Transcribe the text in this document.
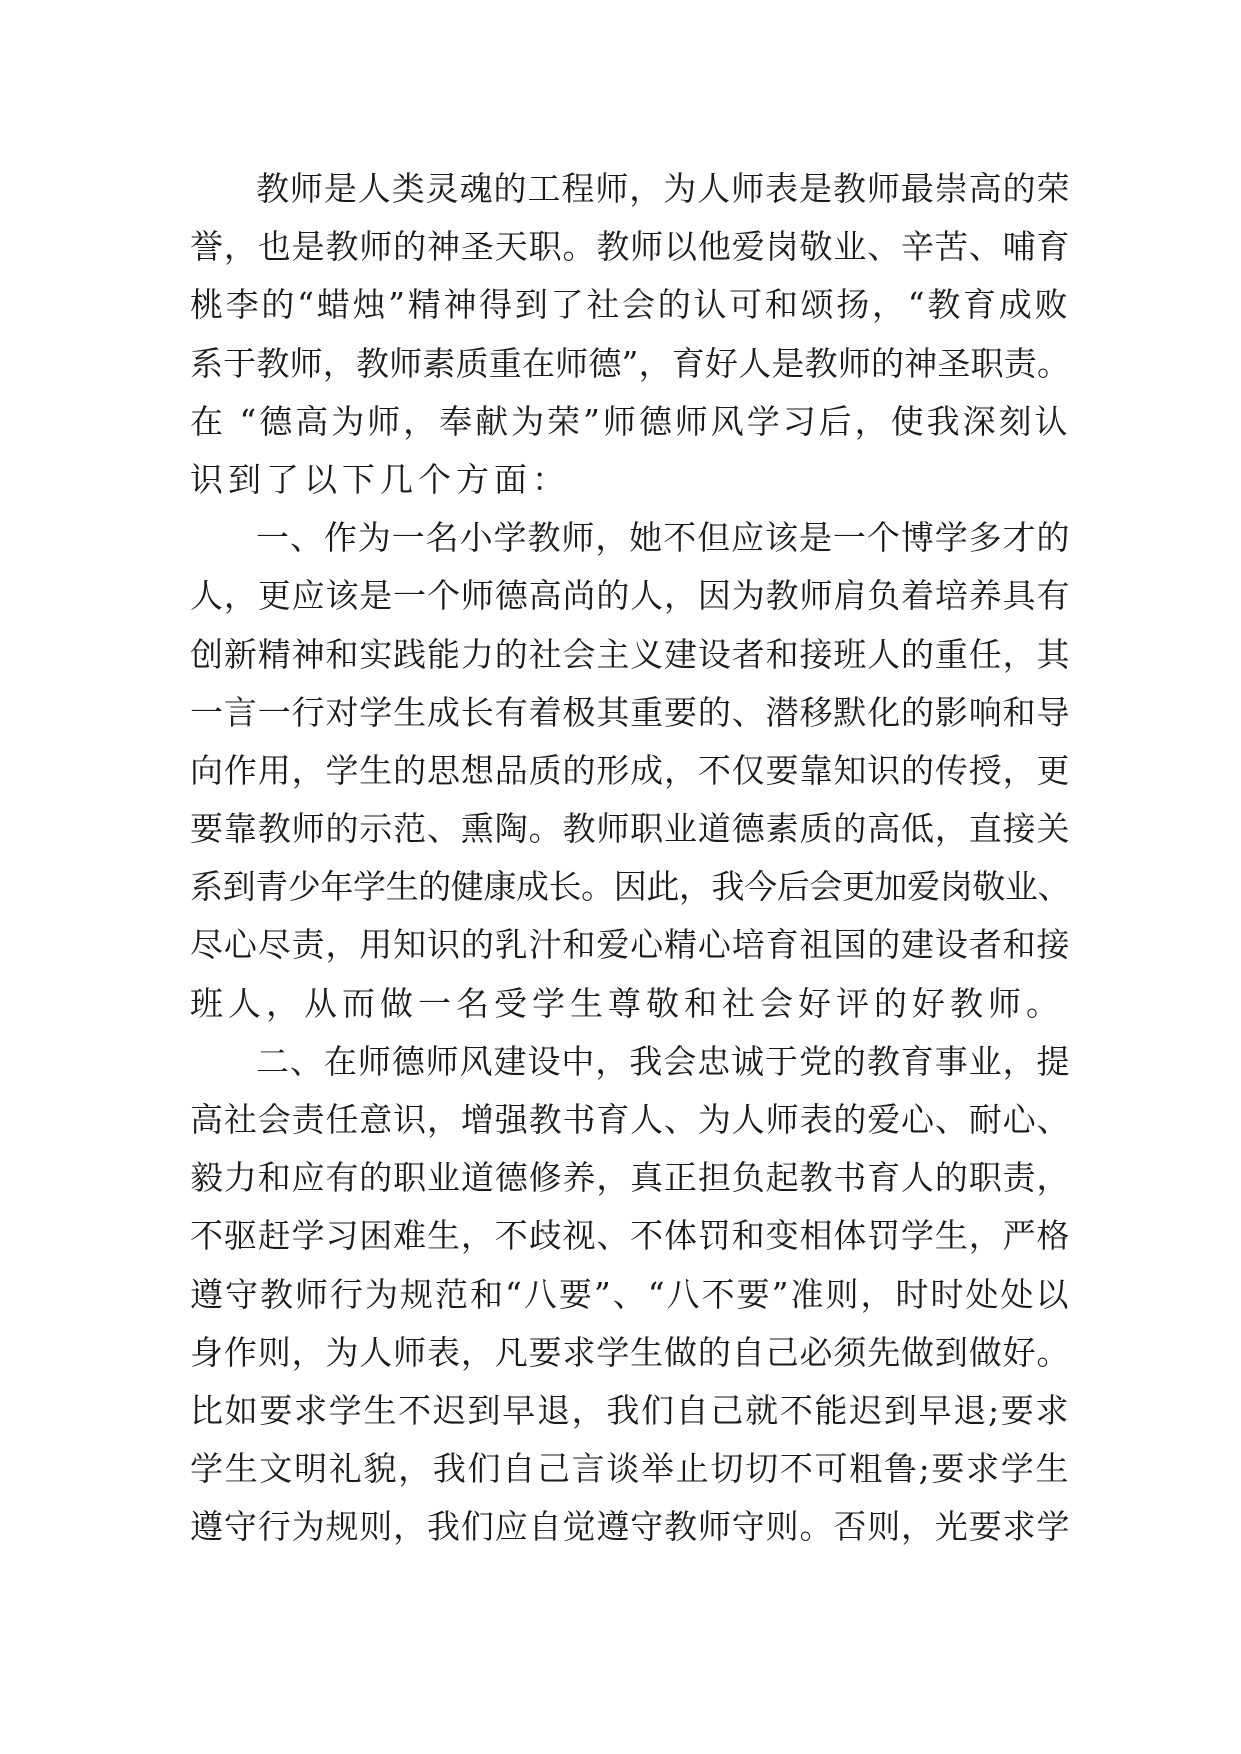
教师是人类灵魂的工程师，为人师表是教师最崇高的荣
誉，也是教师的神圣天职。教师以他爱岗敬业、辛苦、哺育
桃李的“蜡烛”精神得到了社会的认可和颂扬，“教育成败
系于教师，教师素质重在师德”，育好人是教师的神圣职责。
在 “德高为师，奉献为荣”师德师风学习后，使我深刻认
识到了以下几个方面：
一、作为一名小学教师，她不但应该是一个博学多才的
人，更应该是一个师德高尚的人，因为教师肩负着培养具有
创新精神和实践能力的社会主义建设者和接班人的重任，其
一言一行对学生成长有着极其重要的、潜移默化的影响和导
向作用，学生的思想品质的形成，不仅要靠知识的传授，更
要靠教师的示范、熏陶。教师职业道德素质的高低，直接关
系到青少年学生的健康成长。因此，我今后会更加爱岗敬业、
尽心尽责，用知识的乳汁和爱心精心培育祖国的建设者和接
班人，从而做一名受学生尊敬和社会好评的好教师。
二、在师德师风建设中，我会忠诚于党的教育事业，提
高社会责任意识，增强教书育人、为人师表的爱心、耐心、
毅力和应有的职业道德修养，真正担负起教书育人的职责，
不驱赶学习困难生，不歧视、不体罚和变相体罚学生，严格
遵守教师行为规范和“八要”、“八不要”准则，时时处处以
身作则，为人师表，凡要求学生做的自己必须先做到做好。
比如要求学生不迟到早退，我们自己就不能迟到早退;要求
学生文明礼貌，我们自己言谈举止切切不可粗鲁;要求学生
遵守行为规则，我们应自觉遵守教师守则。否则，光要求学
